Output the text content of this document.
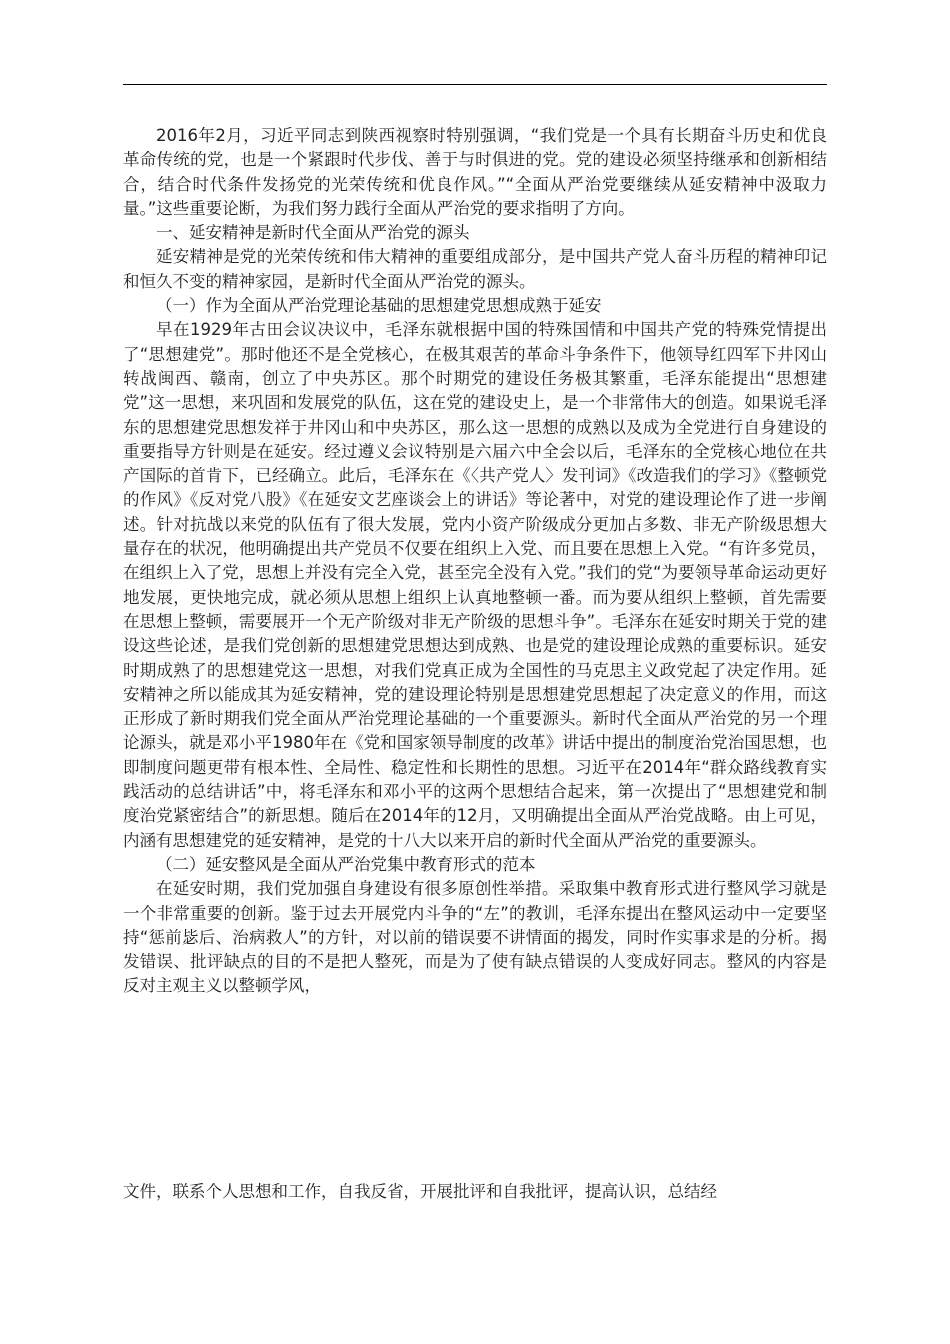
2016年2月，习近平同志到陕西视察时特别强调，“我们党是一个具有长期奋斗历史和优良革命传统的党，也是一个紧跟时代步伐、善于与时俱进的党。党的建设必须坚持继承和创新相结合，结合时代条件发扬党的光荣传统和优良作风。”“全面从严治党要继续从延安精神中汲取力量。”这些重要论断，为我们努力践行全面从严治党的要求指明了方向。

一、延安精神是新时代全面从严治党的源头

延安精神是党的光荣传统和伟大精神的重要组成部分，是中国共产党人奋斗历程的精神印记和恒久不变的精神家园，是新时代全面从严治党的源头。

（一）作为全面从严治党理论基础的思想建党思想成熟于延安

早在1929年古田会议决议中，毛泽东就根据中国的特殊国情和中国共产党的特殊党情提出了“思想建党”。那时他还不是全党核心，在极其艰苦的革命斗争条件下，他领导红四军下井冈山转战闽西、赣南，创立了中央苏区。那个时期党的建设任务极其繁重，毛泽东能提出“思想建党”这一思想，来巩固和发展党的队伍，这在党的建设史上，是一个非常伟大的创造。如果说毛泽东的思想建党思想发祥于井冈山和中央苏区，那么这一思想的成熟以及成为全党进行自身建设的重要指导方针则是在延安。经过遵义会议特别是六届六中全会以后，毛泽东的全党核心地位在共产国际的首肯下，已经确立。此后，毛泽东在《〈共产党人〉发刊词》《改造我们的学习》《整顿党的作风》《反对党八股》《在延安文艺座谈会上的讲话》等论著中，对党的建设理论作了进一步阐述。针对抗战以来党的队伍有了很大发展，党内小资产阶级成分更加占多数、非无产阶级思想大量存在的状况，他明确提出共产党员不仅要在组织上入党、而且要在思想上入党。“有许多党员，在组织上入了党，思想上并没有完全入党，甚至完全没有入党。”我们的党“为要领导革命运动更好地发展，更快地完成，就必须从思想上组织上认真地整顿一番。而为要从组织上整顿，首先需要在思想上整顿，需要展开一个无产阶级对非无产阶级的思想斗争”。毛泽东在延安时期关于党的建设这些论述，是我们党创新的思想建党思想达到成熟、也是党的建设理论成熟的重要标识。延安时期成熟了的思想建党这一思想，对我们党真正成为全国性的马克思主义政党起了决定作用。延安精神之所以能成其为延安精神，党的建设理论特别是思想建党思想起了决定意义的作用，而这正形成了新时期我们党全面从严治党理论基础的一个重要源头。新时代全面从严治党的另一个理论源头，就是邓小平1980年在《党和国家领导制度的改革》讲话中提出的制度治党治国思想，也即制度问题更带有根本性、全局性、稳定性和长期性的思想。习近平在2014年“群众路线教育实践活动的总结讲话”中，将毛泽东和邓小平的这两个思想结合起来，第一次提出了“思想建党和制度治党紧密结合”的新思想。随后在2014年的12月，又明确提出全面从严治党战略。由上可见，内涵有思想建党的延安精神，是党的十八大以来开启的新时代全面从严治党的重要源头。

（二）延安整风是全面从严治党集中教育形式的范本

在延安时期，我们党加强自身建设有很多原创性举措。采取集中教育形式进行整风学习就是一个非常重要的创新。鉴于过去开展党内斗争的“左”的教训，毛泽东提出在整风运动中一定要坚持“惩前毖后、治病救人”的方针，对以前的错误要不讲情面的揭发，同时作实事求是的分析。揭发错误、批评缺点的目的不是把人整死，而是为了使有缺点错误的人变成好同志。整风的内容是反对主观主义以整顿学风，

文件，联系个人思想和工作，自我反省，开展批评和自我批评，提高认识，总结经
